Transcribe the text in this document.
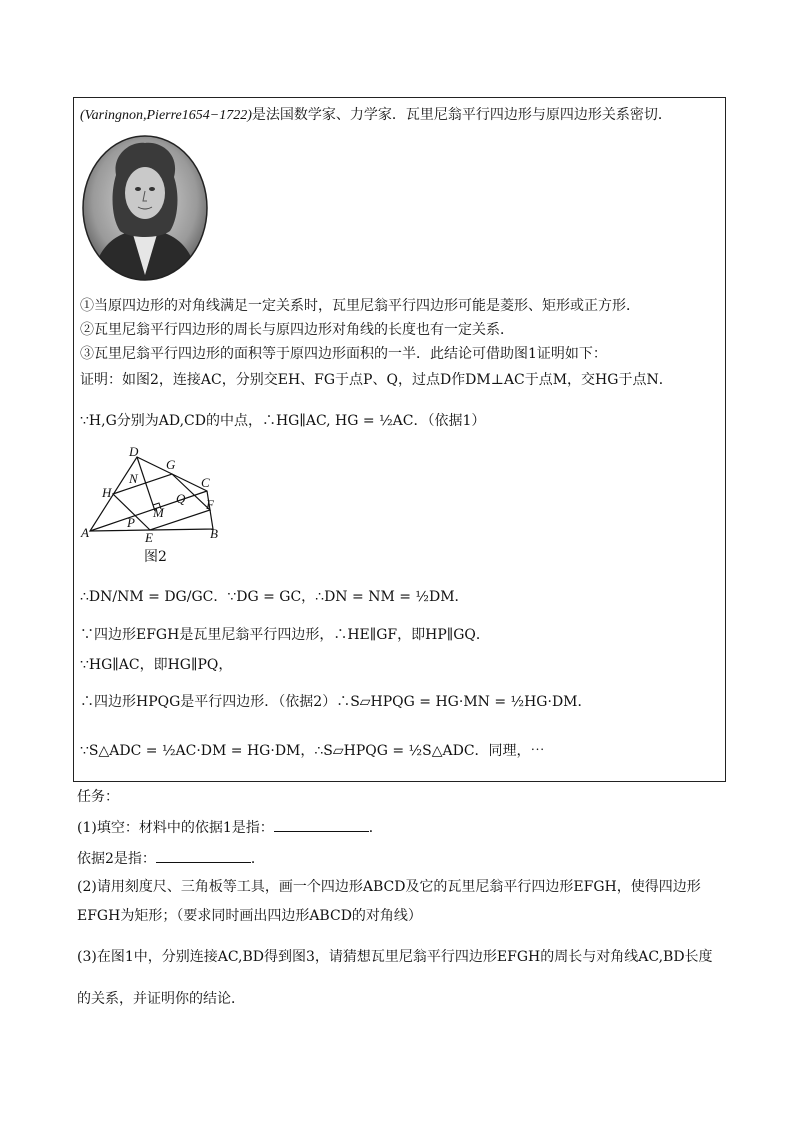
(Varingnon,Pierre1654−1722)是法国数学家、力学家．瓦里尼翁平行四边形与原四边形关系密切．
①当原四边形的对角线满足一定关系时，瓦里尼翁平行四边形可能是菱形、矩形或正方形．
②瓦里尼翁平行四边形的周长与原四边形对角线的长度也有一定关系．
③瓦里尼翁平行四边形的面积等于原四边形面积的一半．此结论可借助图1证明如下：
证明：如图2，连接AC，分别交EH、FG于点P、Q，过点D作DM⊥AC于点M，交HG于点N．
∵H,G分别为AD,CD的中点，∴HG∥AC, HG = ½AC．（依据1）
D
G
N	C
H	Q F
M
P
A	E	B
图2
∴DN/NM = DG/GC．∵DG = GC，∴DN = NM = ½DM．
∵四边形EFGH是瓦里尼翁平行四边形，∴HE∥GF，即HP∥GQ．
∵HG∥AC，即HG∥PQ，
∴四边形HPQG是平行四边形．（依据2）∴S▱HPQG = HG·MN = ½HG·DM．
∵S△ADC = ½AC·DM = HG·DM，∴S▱HPQG = ½S△ADC．同理，⋯
任务：
(1)填空：材料中的依据1是指：	．
依据2是指：	．
(2)请用刻度尺、三角板等工具，画一个四边形ABCD及它的瓦里尼翁平行四边形EFGH，使得四边形
EFGH为矩形；（要求同时画出四边形ABCD的对角线）
(3)在图1中，分别连接AC,BD得到图3，请猜想瓦里尼翁平行四边形EFGH的周长与对角线AC,BD长度
的关系，并证明你的结论．
